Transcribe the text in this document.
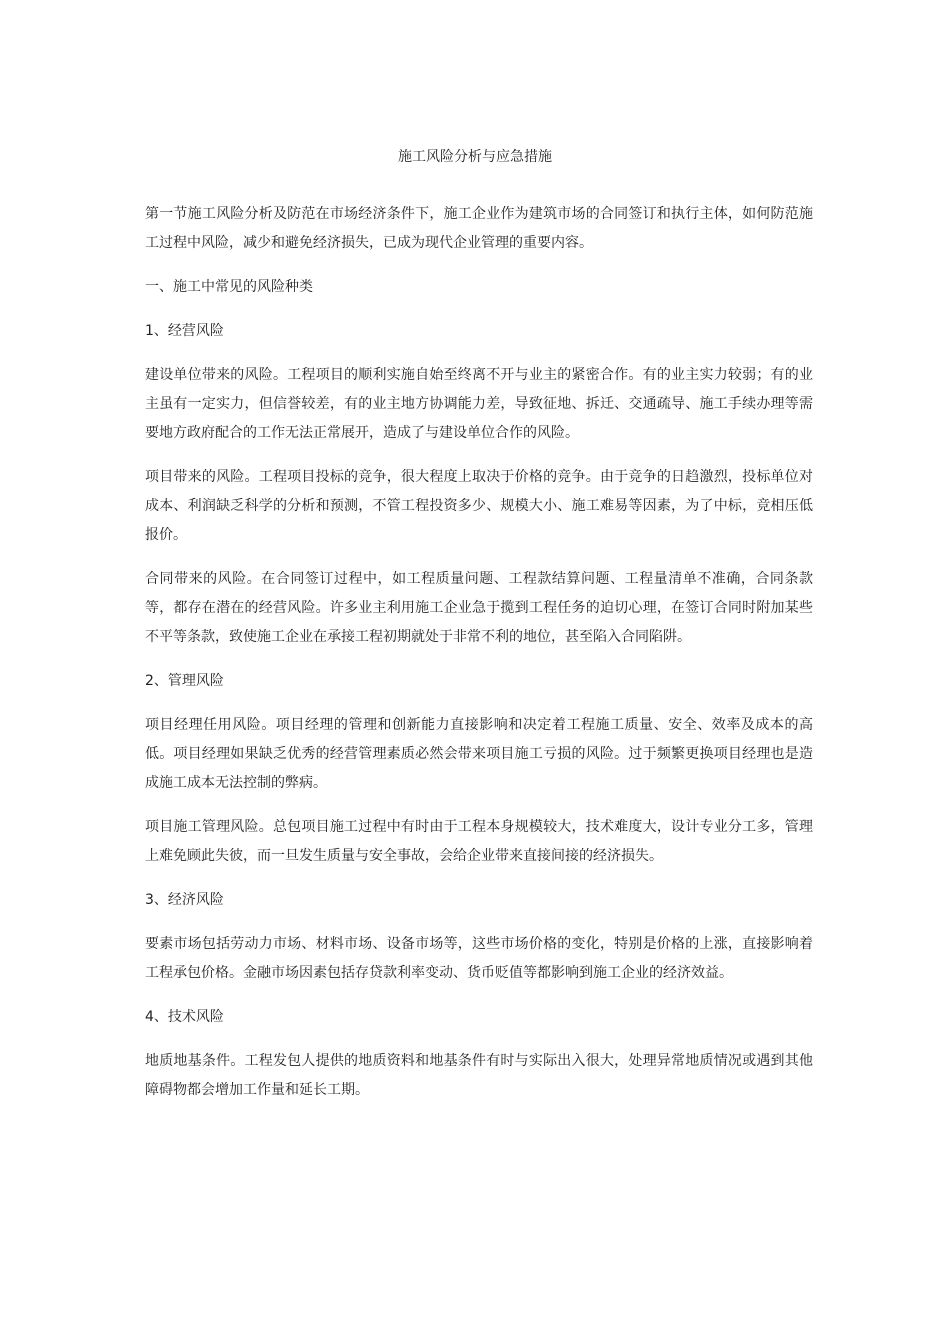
施工风险分析与应急措施

第一节施工风险分析及防范在市场经济条件下，施工企业作为建筑市场的合同签订和执行主体，如何防范施工过程中风险，减少和避免经济损失，已成为现代企业管理的重要内容。

一、施工中常见的风险种类

1、经营风险

建设单位带来的风险。工程项目的顺利实施自始至终离不开与业主的紧密合作。有的业主实力较弱；有的业主虽有一定实力，但信誉较差，有的业主地方协调能力差，导致征地、拆迁、交通疏导、施工手续办理等需要地方政府配合的工作无法正常展开，造成了与建设单位合作的风险。

项目带来的风险。工程项目投标的竞争，很大程度上取决于价格的竞争。由于竞争的日趋激烈，投标单位对成本、利润缺乏科学的分析和预测，不管工程投资多少、规模大小、施工难易等因素，为了中标，竞相压低报价。

合同带来的风险。在合同签订过程中，如工程质量问题、工程款结算问题、工程量清单不准确，合同条款等，都存在潜在的经营风险。许多业主利用施工企业急于揽到工程任务的迫切心理，在签订合同时附加某些不平等条款，致使施工企业在承接工程初期就处于非常不利的地位，甚至陷入合同陷阱。

2、管理风险

项目经理任用风险。项目经理的管理和创新能力直接影响和决定着工程施工质量、安全、效率及成本的高低。项目经理如果缺乏优秀的经营管理素质必然会带来项目施工亏损的风险。过于频繁更换项目经理也是造成施工成本无法控制的弊病。

项目施工管理风险。总包项目施工过程中有时由于工程本身规模较大，技术难度大，设计专业分工多，管理上难免顾此失彼，而一旦发生质量与安全事故，会给企业带来直接间接的经济损失。

3、经济风险

要素市场包括劳动力市场、材料市场、设备市场等，这些市场价格的变化，特别是价格的上涨，直接影响着工程承包价格。金融市场因素包括存贷款利率变动、货币贬值等都影响到施工企业的经济效益。

4、技术风险

地质地基条件。工程发包人提供的地质资料和地基条件有时与实际出入很大，处理异常地质情况或遇到其他障碍物都会增加工作量和延长工期。
